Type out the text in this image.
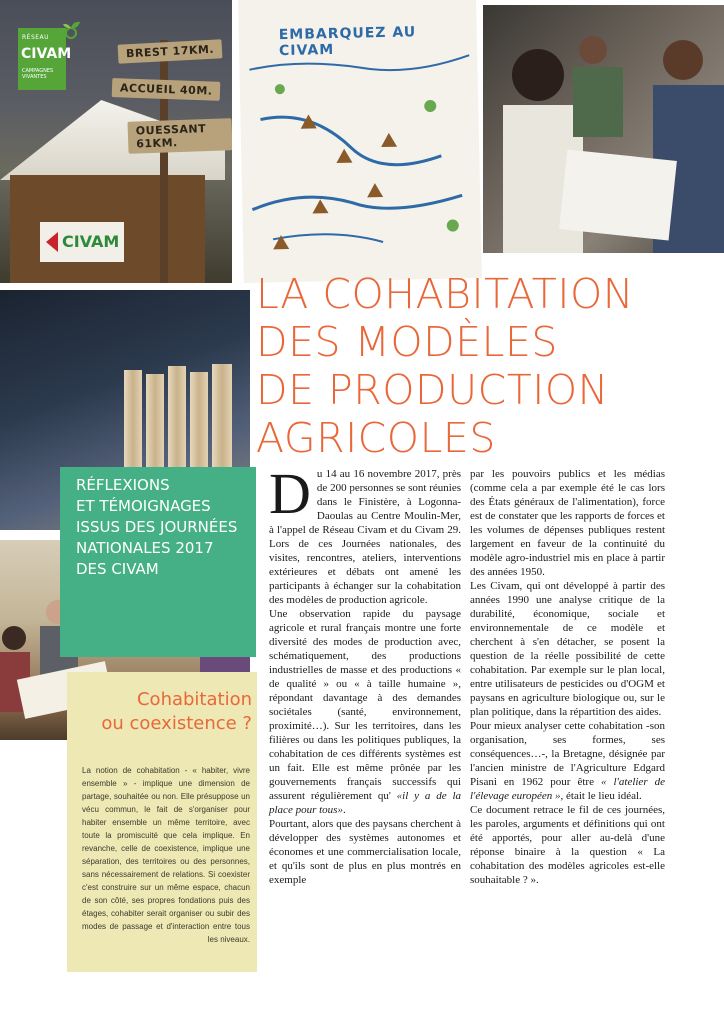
BREST 17KM.
ACCUEIL 40M.
OUESSANT 61KM.
CIVAM
RÉSEAU
CIVAM
CAMPAGNES VIVANTES
EMBARQUEZ AU CIVAM
LA COHABITATION
DES MODÈLES
DE PRODUCTION
AGRICOLES
RÉFLEXIONS
ET TÉMOIGNAGES
ISSUS DES JOURNÉES
NATIONALES 2017
DES CIVAM
Cohabitation
ou coexistence ?
La notion de cohabitation - « habiter, vivre ensemble » - implique une dimension de partage, souhaitée ou non. Elle présuppose un vécu commun, le fait de s'organiser pour habiter ensemble un même territoire, avec toute la promiscuité que cela implique. En revanche, celle de coexistence, implique une séparation, des territoires ou des personnes, sans nécessairement de relations. Si coexister c'est construire sur un même espace, chacun de son côté, ses propres fondations puis des étages, cohabiter serait organiser ou subir des modes de passage et d'interaction entre tous les niveaux.

Du 14 au 16 novembre 2017, près de 200 personnes se sont réunies dans le Finistère, à Logonna-Daoulas au Centre Moulin-Mer, à l'appel de Réseau Civam et du Civam 29. Lors de ces Journées nationales, des visites, rencontres, ateliers, interventions extérieures et débats ont amené les participants à échanger sur la cohabitation des modèles de production agricole.

Une observation rapide du paysage agricole et rural français montre une forte diversité des modes de production avec, schématiquement, des productions industrielles de masse et des productions « de qualité » ou « à taille humaine », répondant davantage à des demandes sociétales (santé, environnement, proximité…). Sur les territoires, dans les filières ou dans les politiques publiques, la cohabitation de ces différents systèmes est un fait. Elle est même prônée par les gouvernements français successifs qui assurent régulièrement qu' «il y a de la place pour tous».

Pourtant, alors que des paysans cherchent à développer des systèmes autonomes et économes et une commercialisation locale, et qu'ils sont de plus en plus montrés en exemple

par les pouvoirs publics et les médias (comme cela a par exemple été le cas lors des États généraux de l'alimentation), force est de constater que les rapports de forces et les volumes de dépenses publiques restent largement en faveur de la continuité du modèle agro-industriel mis en place à partir des années 1950.

Les Civam, qui ont développé à partir des années 1990 une analyse critique de la durabilité, économique, sociale et environnementale de ce modèle et cherchent à s'en détacher, se posent la question de la réelle possibilité de cette cohabitation. Par exemple sur le plan local, entre utilisateurs de pesticides ou d'OGM et paysans en agriculture biologique ou, sur le plan politique, dans la répartition des aides.

Pour mieux analyser cette cohabitation -son organisation, ses formes, ses conséquences…-, la Bretagne, désignée par l'ancien ministre de l'Agriculture Edgard Pisani en 1962 pour être « l'atelier de l'élevage européen », était le lieu idéal.

Ce document retrace le fil de ces journées, les paroles, arguments et définitions qui ont été apportés, pour aller au-delà d'une réponse binaire à la question « La cohabitation des modèles agricoles est-elle souhaitable ? ».
